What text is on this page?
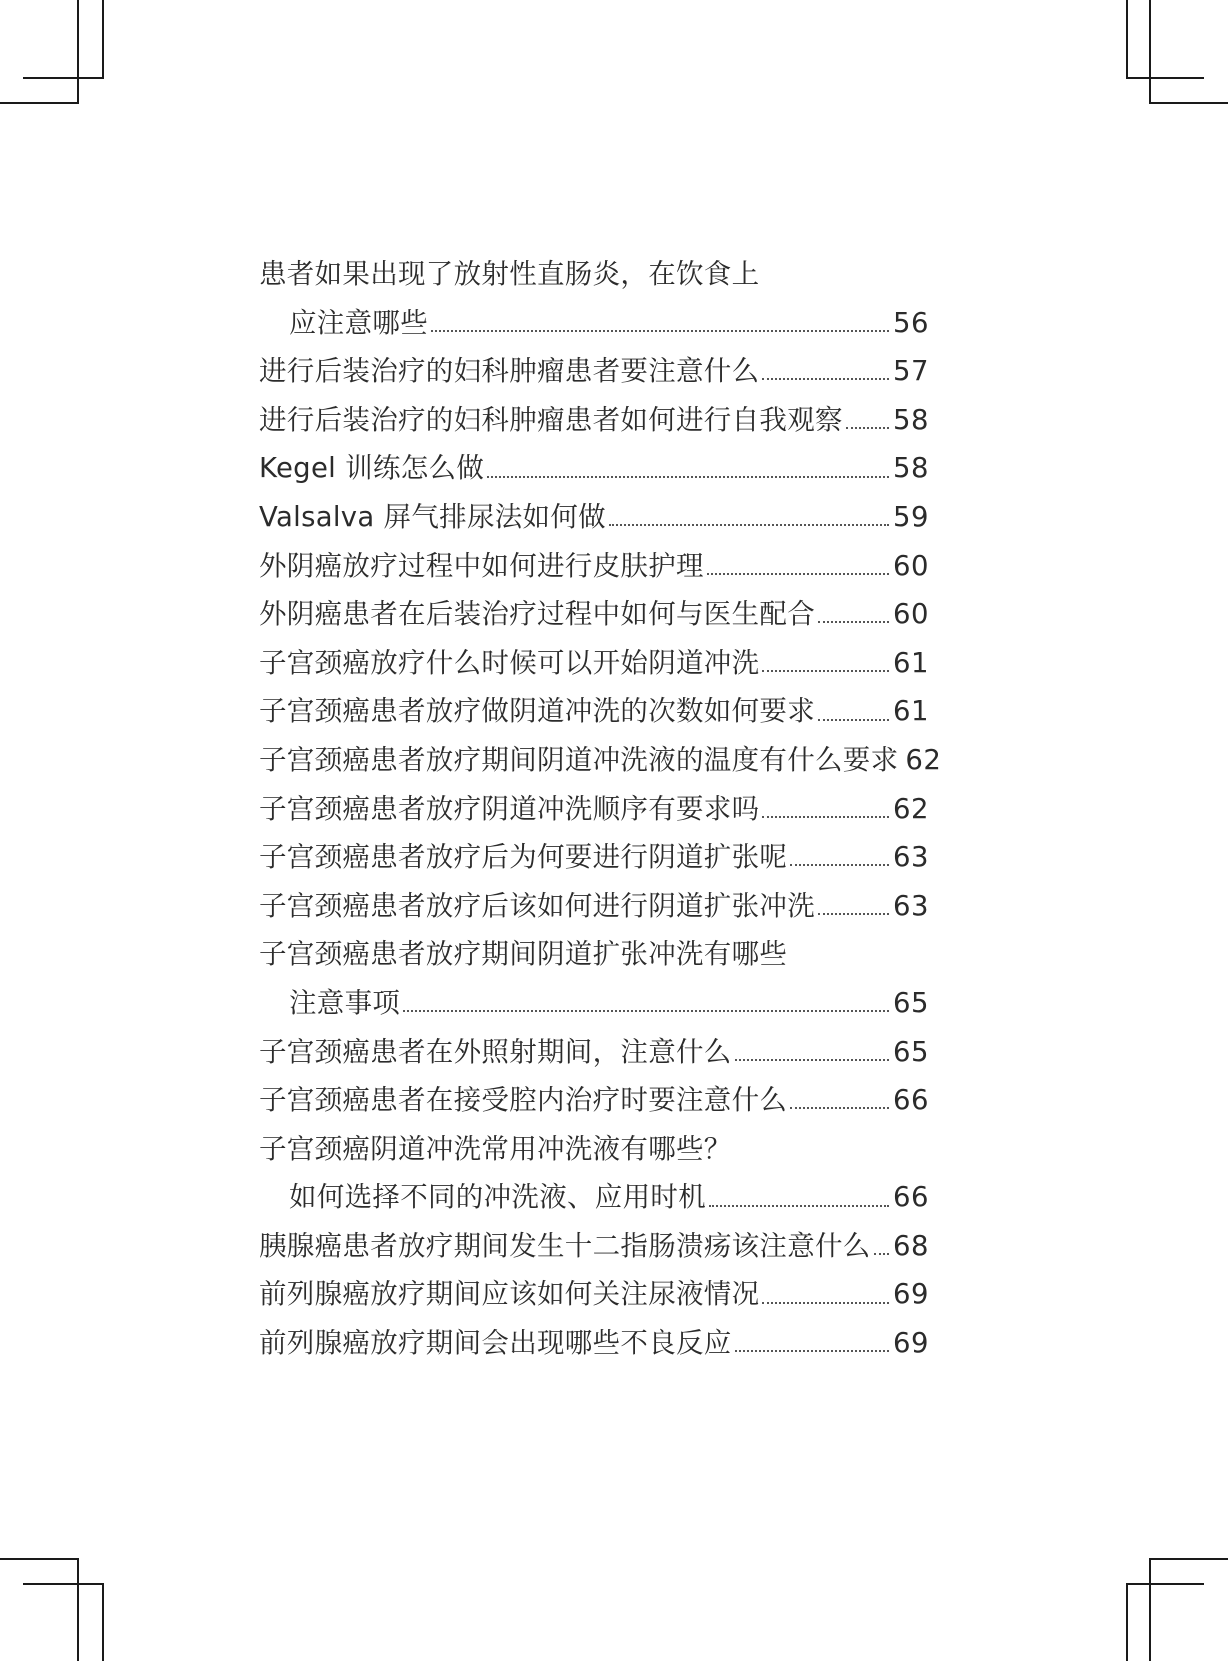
患者如果出现了放射性直肠炎，在饮食上
应注意哪些	56
进行后装治疗的妇科肿瘤患者要注意什么	57
进行后装治疗的妇科肿瘤患者如何进行自我观察 58
Kegel 训练怎么做	58
Valsalva 屏气排尿法如何做	59
外阴癌放疗过程中如何进行皮肤护理	60
外阴癌患者在后装治疗过程中如何与医生配合	60
子宫颈癌放疗什么时候可以开始阴道冲洗	61
子宫颈癌患者放疗做阴道冲洗的次数如何要求	61
子宫颈癌患者放疗期间阴道冲洗液的温度有什么要求 62
子宫颈癌患者放疗阴道冲洗顺序有要求吗	62
子宫颈癌患者放疗后为何要进行阴道扩张呢	63
子宫颈癌患者放疗后该如何进行阴道扩张冲洗	63
子宫颈癌患者放疗期间阴道扩张冲洗有哪些
注意事项	65
子宫颈癌患者在外照射期间，注意什么	65
子宫颈癌患者在接受腔内治疗时要注意什么	66
子宫颈癌阴道冲洗常用冲洗液有哪些？
如何选择不同的冲洗液、应用时机	66
胰腺癌患者放疗期间发生十二指肠溃疡该注意什么 68
前列腺癌放疗期间应该如何关注尿液情况	69
前列腺癌放疗期间会出现哪些不良反应	69
